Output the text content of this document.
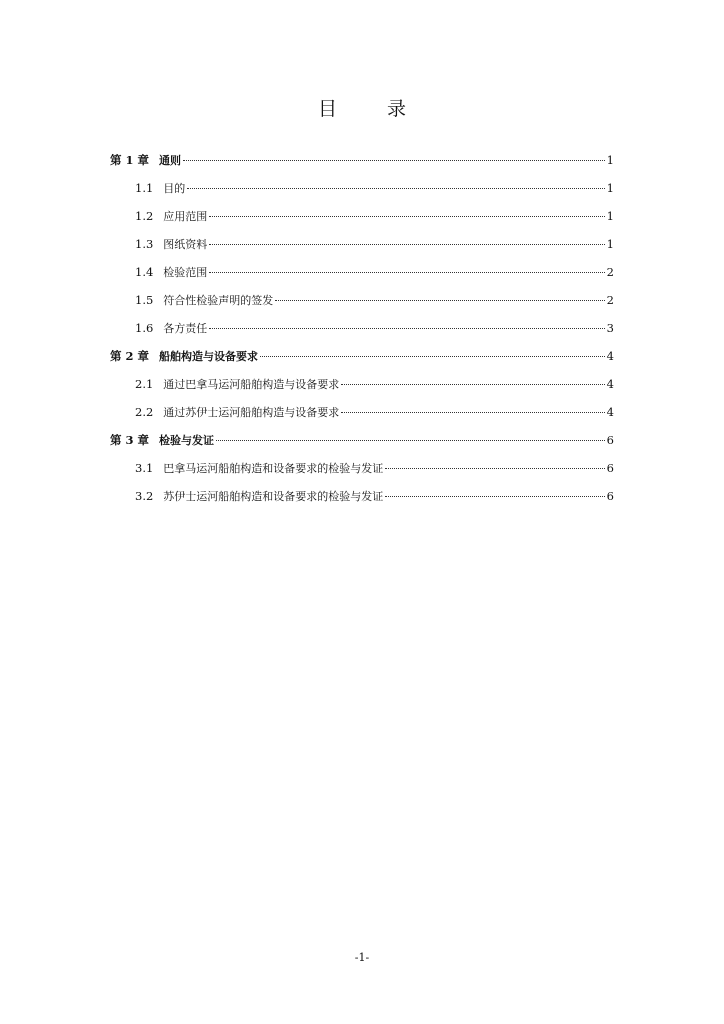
目 录
第 1 章 通则	1
1.1 目的	1
1.2 应用范围	1
1.3 图纸资料	1
1.4 检验范围	2
1.5 符合性检验声明的签发	2
1.6 各方责任	3
第 2 章 船舶构造与设备要求	4
2.1 通过巴拿马运河船舶构造与设备要求	4
2.2 通过苏伊士运河船舶构造与设备要求	4
第 3 章 检验与发证	6
3.1 巴拿马运河船舶构造和设备要求的检验与发证	6
3.2 苏伊士运河船舶构造和设备要求的检验与发证	6
-1-
